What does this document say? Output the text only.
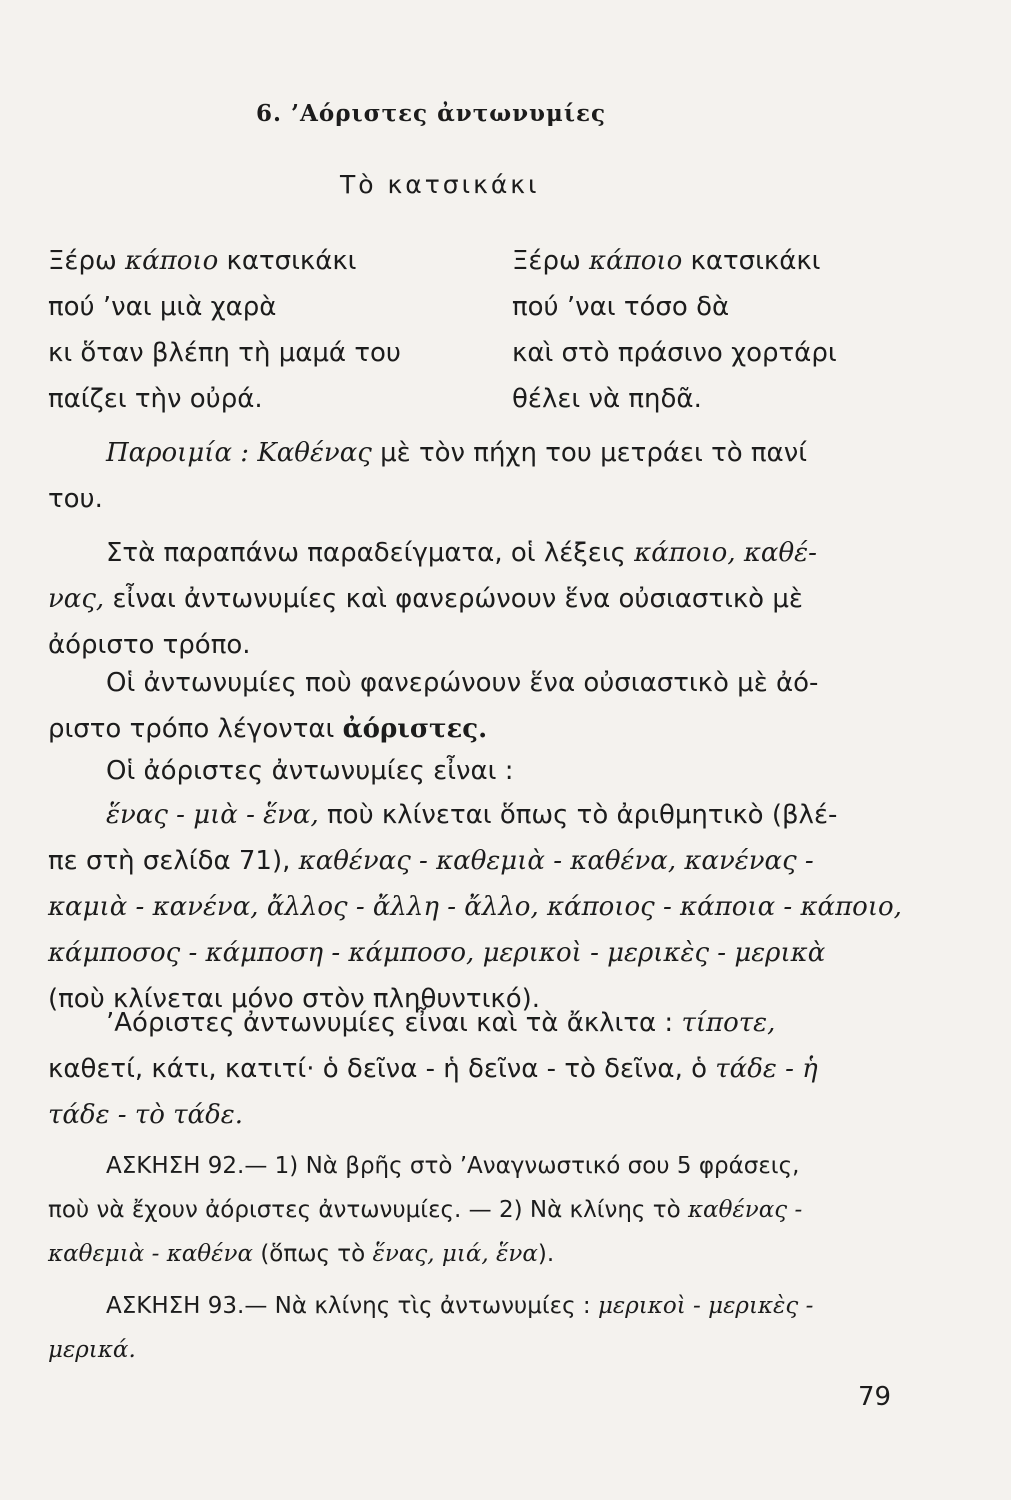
6. ’Αόριστες ἀντωνυμίες
Τὸ κατσικάκι
Ξέρω κάποιο κατσικάκι
πού ’ναι μιὰ χαρὰ
κι ὅταν βλέπη τὴ μαμά του
παίζει τὴν οὐρά.
Ξέρω κάποιο κατσικάκι
πού ’ναι τόσο δὰ
καὶ στὸ πράσινο χορτάρι
θέλει νὰ πηδᾶ.
Παροιμία : Καθένας μὲ τὸν πήχη του μετράει τὸ πανί
του.
Στὰ παραπάνω παραδείγματα, οἱ λέξεις κάποιο, καθέ-
νας, εἶναι ἀντωνυμίες καὶ φανερώνουν ἕνα οὐσιαστικὸ μὲ
ἀόριστο τρόπο.
Οἱ ἀντωνυμίες ποὺ φανερώνουν ἕνα οὐσιαστικὸ μὲ ἀό-
ριστο τρόπο λέγονται ἀόριστες.
Οἱ ἀόριστες ἀντωνυμίες εἶναι :
ἕνας - μιὰ - ἕνα, ποὺ κλίνεται ὅπως τὸ ἀριθμητικὸ (βλέ-
πε στὴ σελίδα 71), καθένας - καθεμιὰ - καθένα, κανένας -
καμιὰ - κανένα, ἄλλος - ἄλλη - ἄλλο, κάποιος - κάποια - κάποιο,
κάμποσος - κάμποση - κάμποσο, μερικοὶ - μερικὲς - μερικὰ
(ποὺ κλίνεται μόνο στὸν πληθυντικό).
’Αόριστες ἀντωνυμίες εἶναι καὶ τὰ ἄκλιτα : τίποτε,
καθετί, κάτι, κατιτί· ὁ δεῖνα - ἡ δεῖνα - τὸ δεῖνα, ὁ τάδε - ἡ
τάδε - τὸ τάδε.
ΑΣΚΗΣΗ 92.— 1) Νὰ βρῆς στὸ ’Αναγνωστικό σου 5 φράσεις,
ποὺ νὰ ἔχουν ἀόριστες ἀντωνυμίες. — 2) Νὰ κλίνης τὸ καθένας -
καθεμιὰ - καθένα (ὅπως τὸ ἕνας, μιά, ἕνα).
ΑΣΚΗΣΗ 93.— Νὰ κλίνης τὶς ἀντωνυμίες : μερικοὶ - μερικὲς -
μερικά.
79
